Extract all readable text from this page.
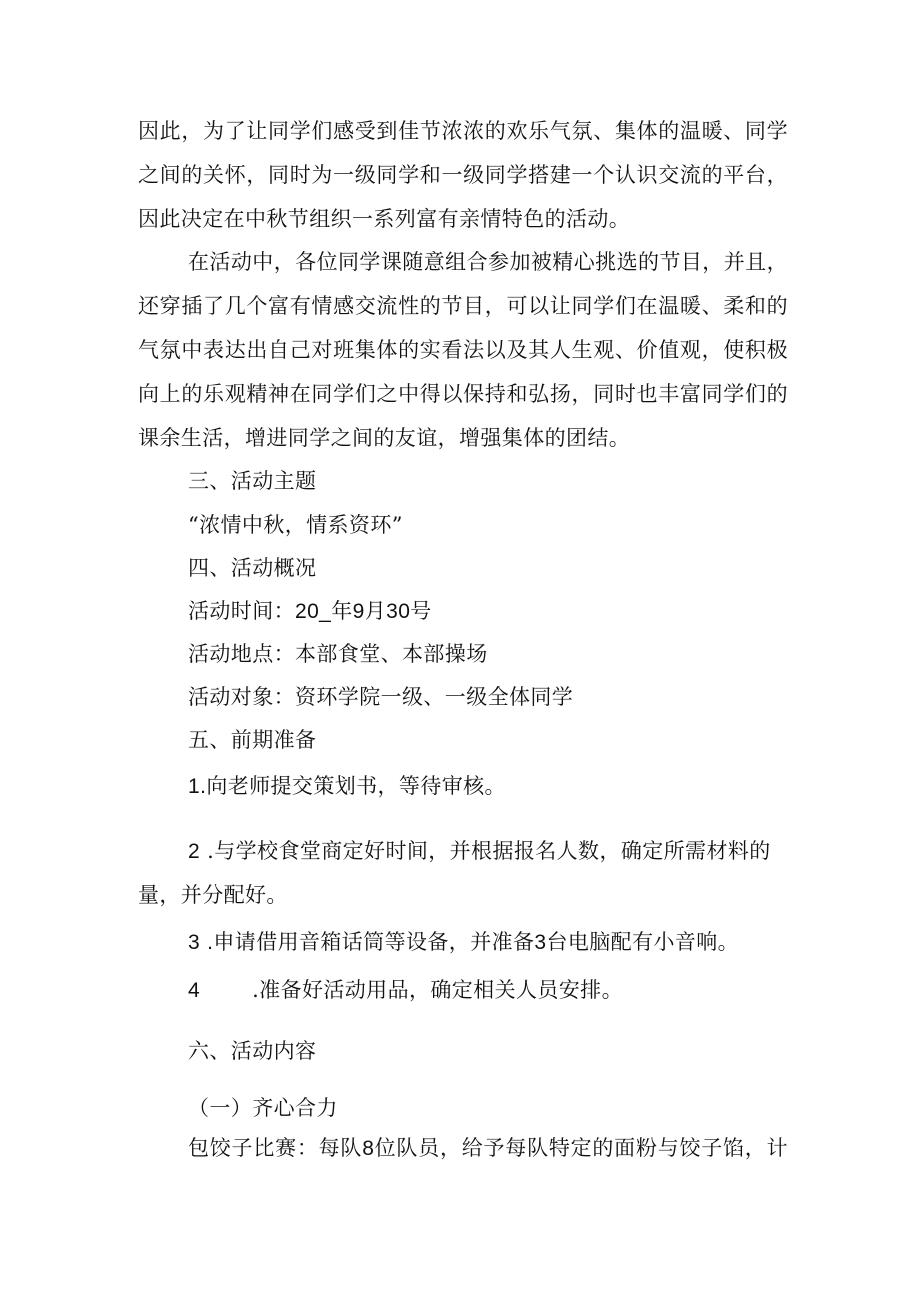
因此，为了让同学们感受到佳节浓浓的欢乐气氛、集体的温暖、同学
之间的关怀，同时为一级同学和一级同学搭建一个认识交流的平台，
因此决定在中秋节组织一系列富有亲情特色的活动。
在活动中，各位同学课随意组合参加被精心挑选的节目，并且，
还穿插了几个富有情感交流性的节目，可以让同学们在温暖、柔和的
气氛中表达出自己对班集体的实看法以及其人生观、价值观，使积极
向上的乐观精神在同学们之中得以保持和弘扬，同时也丰富同学们的
课余生活，增进同学之间的友谊，增强集体的团结。
三、活动主题
“浓情中秋，情系资环”
四、活动概况
活动时间：20_年9月30号
活动地点：本部食堂、本部操场
活动对象：资环学院一级、一级全体同学
五、前期准备
1.向老师提交策划书，等待审核。
2 .与学校食堂商定好时间，并根据报名人数，确定所需材料的
量，并分配好。
3 .申请借用音箱话筒等设备，并准备3台电脑配有小音响。
4 .准备好活动用品，确定相关人员安排。
六、活动内容
（一）齐心合力
包饺子比赛：每队8位队员，给予每队特定的面粉与饺子馅，计
